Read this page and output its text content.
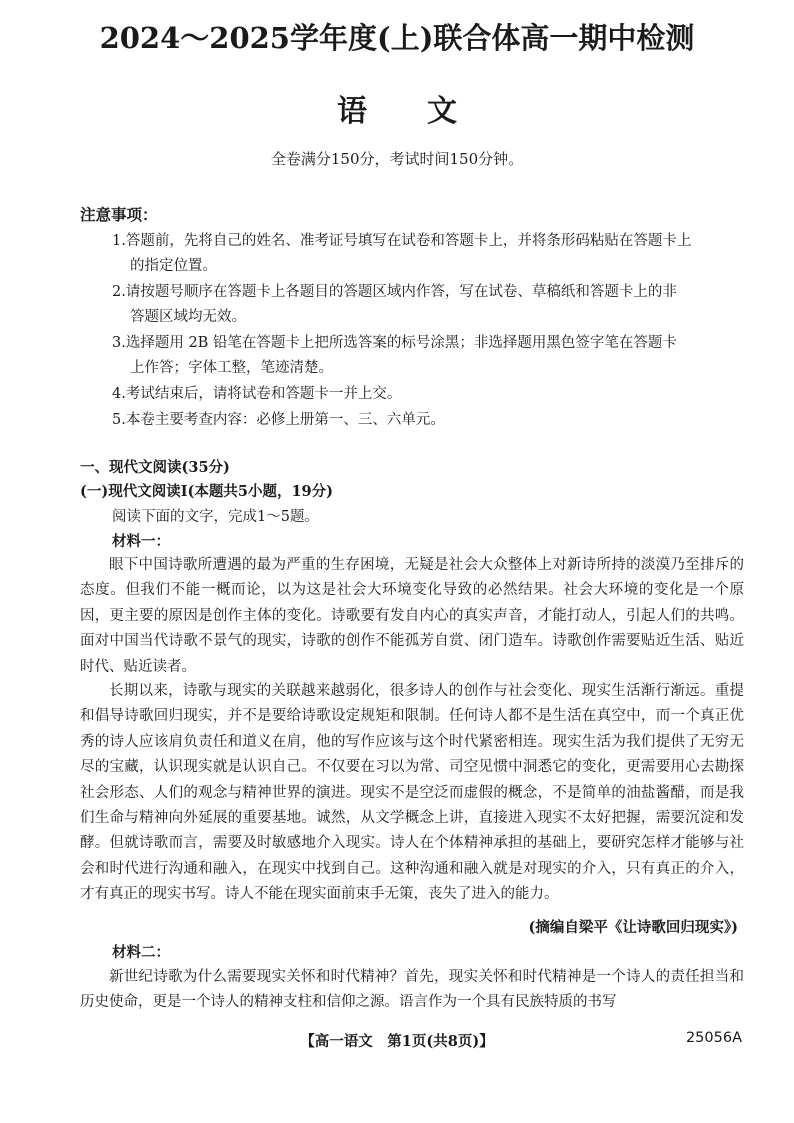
2024～2025学年度(上)联合体高一期中检测
语文
全卷满分150分，考试时间150分钟。
注意事项：
1.答题前，先将自己的姓名、准考证号填写在试卷和答题卡上，并将条形码粘贴在答题卡上
的指定位置。
2.请按题号顺序在答题卡上各题目的答题区域内作答，写在试卷、草稿纸和答题卡上的非
答题区域均无效。
3.选择题用 2B 铅笔在答题卡上把所选答案的标号涂黑；非选择题用黑色签字笔在答题卡
上作答；字体工整，笔迹清楚。
4.考试结束后，请将试卷和答题卡一并上交。
5.本卷主要考查内容：必修上册第一、三、六单元。
一、现代文阅读(35分)
(一)现代文阅读Ⅰ(本题共5小题，19分)
阅读下面的文字，完成1～5题。
材料一：

眼下中国诗歌所遭遇的最为严重的生存困境，无疑是社会大众整体上对新诗所持的淡漠乃至排斥的态度。但我们不能一概而论，以为这是社会大环境变化导致的必然结果。社会大环境的变化是一个原因，更主要的原因是创作主体的变化。诗歌要有发自内心的真实声音，才能打动人，引起人们的共鸣。面对中国当代诗歌不景气的现实，诗歌的创作不能孤芳自赏、闭门造车。诗歌创作需要贴近生活、贴近时代、贴近读者。

长期以来，诗歌与现实的关联越来越弱化，很多诗人的创作与社会变化、现实生活渐行渐远。重提和倡导诗歌回归现实，并不是要给诗歌设定规矩和限制。任何诗人都不是生活在真空中，而一个真正优秀的诗人应该肩负责任和道义在肩，他的写作应该与这个时代紧密相连。现实生活为我们提供了无穷无尽的宝藏，认识现实就是认识自己。不仅要在习以为常、司空见惯中洞悉它的变化，更需要用心去勘探社会形态、人们的观念与精神世界的演进。现实不是空泛而虚假的概念，不是简单的油盐酱醋，而是我们生命与精神向外延展的重要基地。诚然，从文学概念上讲，直接进入现实不太好把握，需要沉淀和发酵。但就诗歌而言，需要及时敏感地介入现实。诗人在个体精神承担的基础上，要研究怎样才能够与社会和时代进行沟通和融入，在现实中找到自己。这种沟通和融入就是对现实的介入，只有真正的介入，才有真正的现实书写。诗人不能在现实面前束手无策，丧失了进入的能力。

(摘编自梁平《让诗歌回归现实》)
材料二：

新世纪诗歌为什么需要现实关怀和时代精神？首先，现实关怀和时代精神是一个诗人的责任担当和历史使命，更是一个诗人的精神支柱和信仰之源。语言作为一个具有民族特质的书写

【高一语文　第1页(共8页)】	25056A
